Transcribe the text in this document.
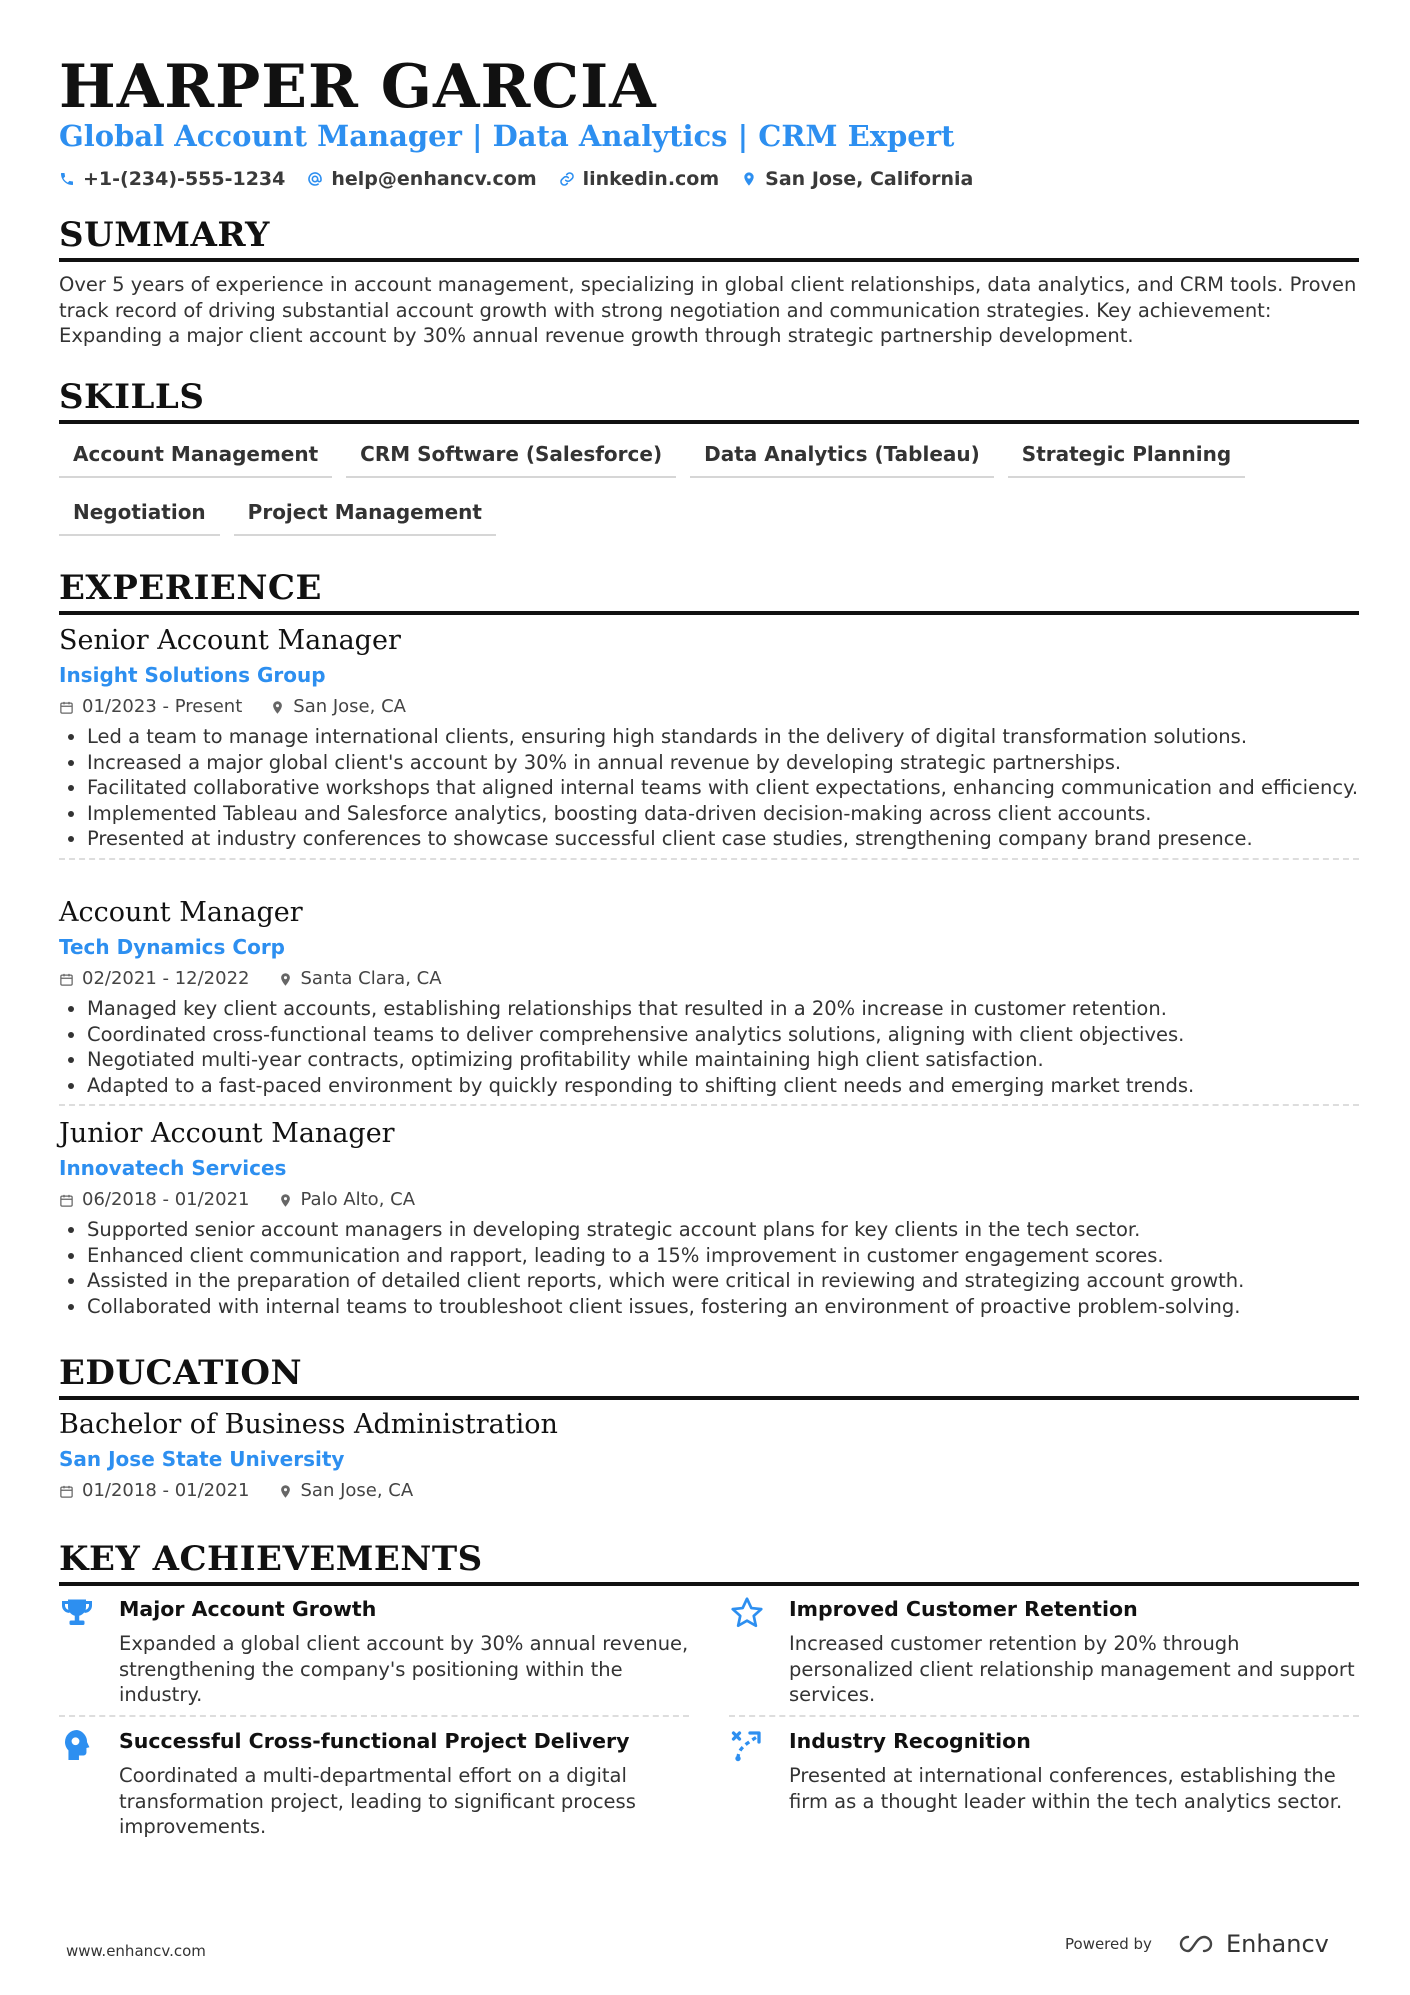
HARPER GARCIA
Global Account Manager | Data Analytics | CRM Expert
+1-(234)-555-1234 help@enhancv.com linkedin.com San Jose, California
SUMMARY
Over 5 years of experience in account management, specializing in global client relationships, data analytics, and CRM tools. Proven track record of driving substantial account growth with strong negotiation and communication strategies. Key achievement: Expanding a major client account by 30% annual revenue growth through strategic partnership development.
SKILLS
Account Management	CRM Software (Salesforce)	Data Analytics (Tableau)	Strategic Planning
Negotiation	Project Management
EXPERIENCE
Senior Account Manager
Insight Solutions Group
01/2023 - Present	San Jose, CA
• Led a team to manage international clients, ensuring high standards in the delivery of digital transformation solutions.
• Increased a major global client's account by 30% in annual revenue by developing strategic partnerships.
• Facilitated collaborative workshops that aligned internal teams with client expectations, enhancing communication and efficiency.
• Implemented Tableau and Salesforce analytics, boosting data-driven decision-making across client accounts.
• Presented at industry conferences to showcase successful client case studies, strengthening company brand presence.
Account Manager
Tech Dynamics Corp
02/2021 - 12/2022	Santa Clara, CA
• Managed key client accounts, establishing relationships that resulted in a 20% increase in customer retention.
• Coordinated cross-functional teams to deliver comprehensive analytics solutions, aligning with client objectives.
• Negotiated multi-year contracts, optimizing profitability while maintaining high client satisfaction.
• Adapted to a fast-paced environment by quickly responding to shifting client needs and emerging market trends.
Junior Account Manager
Innovatech Services
06/2018 - 01/2021	Palo Alto, CA
• Supported senior account managers in developing strategic account plans for key clients in the tech sector.
• Enhanced client communication and rapport, leading to a 15% improvement in customer engagement scores.
• Assisted in the preparation of detailed client reports, which were critical in reviewing and strategizing account growth.
• Collaborated with internal teams to troubleshoot client issues, fostering an environment of proactive problem-solving.
EDUCATION
Bachelor of Business Administration
San Jose State University
01/2018 - 01/2021	San Jose, CA
KEY ACHIEVEMENTS
Major Account Growth
Expanded a global client account by 30% annual revenue, strengthening the company's positioning within the industry.
Improved Customer Retention
Increased customer retention by 20% through personalized client relationship management and support services.
Successful Cross-functional Project Delivery
Coordinated a multi-departmental effort on a digital transformation project, leading to significant process improvements.
Industry Recognition
Presented at international conferences, establishing the firm as a thought leader within the tech analytics sector.
www.enhancv.com	Powered by	Enhancv
